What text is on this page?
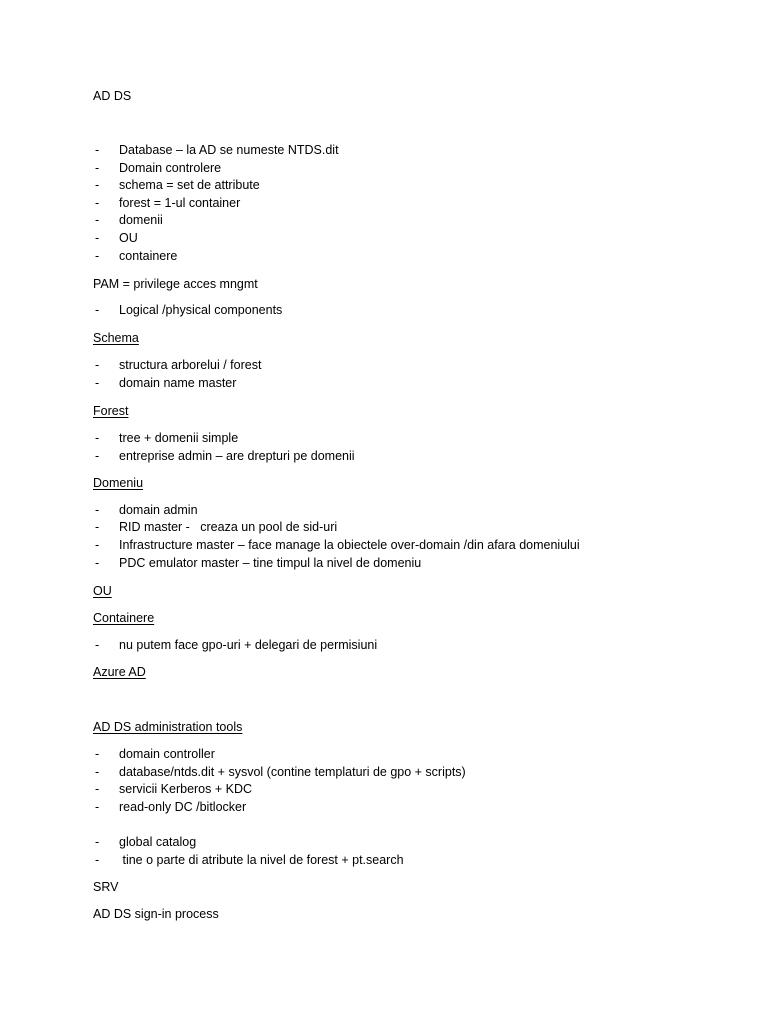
AD DS
- Database – la AD se numeste NTDS.dit
- Domain controlere
- schema = set de attribute
- forest = 1-ul container
- domenii
- OU
- containere
PAM = privilege acces mngmt
- Logical /physical components
Schema
- structura arborelui / forest
- domain name master
Forest
- tree + domenii simple
- entreprise admin – are drepturi pe domenii
Domeniu
- domain admin
- RID master -   creaza un pool de sid-uri
- Infrastructure master – face manage la obiectele over-domain /din afara domeniului
- PDC emulator master – tine timpul la nivel de domeniu
OU
Containere
- nu putem face gpo-uri + delegari de permisiuni
Azure AD
AD DS administration tools
- domain controller
- database/ntds.dit + sysvol (contine templaturi de gpo + scripts)
- servicii Kerberos + KDC
- read-only DC /bitlocker
- global catalog
- tine o parte di atribute la nivel de forest + pt.search
SRV
AD DS sign-in process
